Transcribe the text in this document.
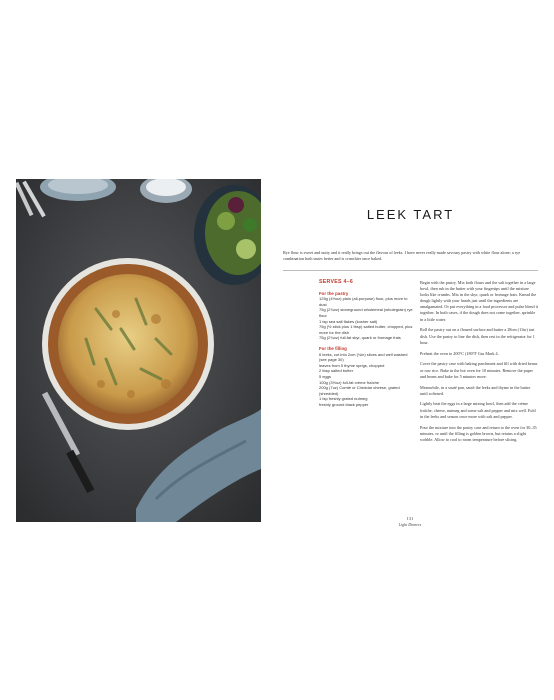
LEEK TART

Rye flour is sweet and nutty and it really brings out the flavour of leeks. I have never really made savoury pastry with white flour alone; a rye combination both tastes better and is crunchier once baked.

SERVES 4–6

For the pastry

125g (4½oz) plain (all-purpose) flour, plus more to dust
75g (2¾oz) stoneground wholemeal (wholegrain) rye flour
1 tsp sea salt flakes (kosher salt)
75g (½ stick plus 1 tbsp) salted butter, chopped, plus more for the dish
75g (2¾oz) full-fat skyr, quark or fromage frais

For the filling

6 leeks, cut into 2cm (¾in) slices and well washed (see page 30)
leaves from 5 thyme sprigs, chopped
2 tbsp salted butter
5 eggs
100g (3½oz) full-fat crème fraîche
200g (7oz) Comté or Cheddar cheese, grated (shredded)
1 tsp freshly grated nutmeg
freshly ground black pepper

Begin with the pastry. Mix both flours and the salt together in a large bowl, then rub in the butter with your fingertips until the mixture looks like crumbs. Mix in the skyr, quark or fromage frais. Knead the dough lightly with your hands just until the ingredients are amalgamated. Or put everything in a food processor and pulse blend it together. In both cases, if the dough does not come together, sprinkle in a little water.

Roll the pastry out on a floured surface and butter a 28cm (11in) tart dish. Use the pastry to line the dish, then rest in the refrigerator for 1 hour.

Preheat the oven to 200°C (180°F Gas Mark 4.

Cover the pastry case with baking parchment and fill with dried beans or raw rice. Bake in the hot oven for 10 minutes. Remove the paper and beans and bake for 5 minutes more.

Meanwhile, in a sauté pan, sauté the leeks and thyme in the butter until softened.

Lightly beat the eggs in a large mixing bowl, then add the crème fraîche, cheese, nutmeg and some salt and pepper and mix well. Fold in the leeks and season once more with salt and pepper.

Pour the mixture into the pastry case and return to the oven for 30–35 minutes, or until the filling is golden brown, but retains a slight wobble. Allow to cool to room temperature before slicing.

131
Light Dinners
